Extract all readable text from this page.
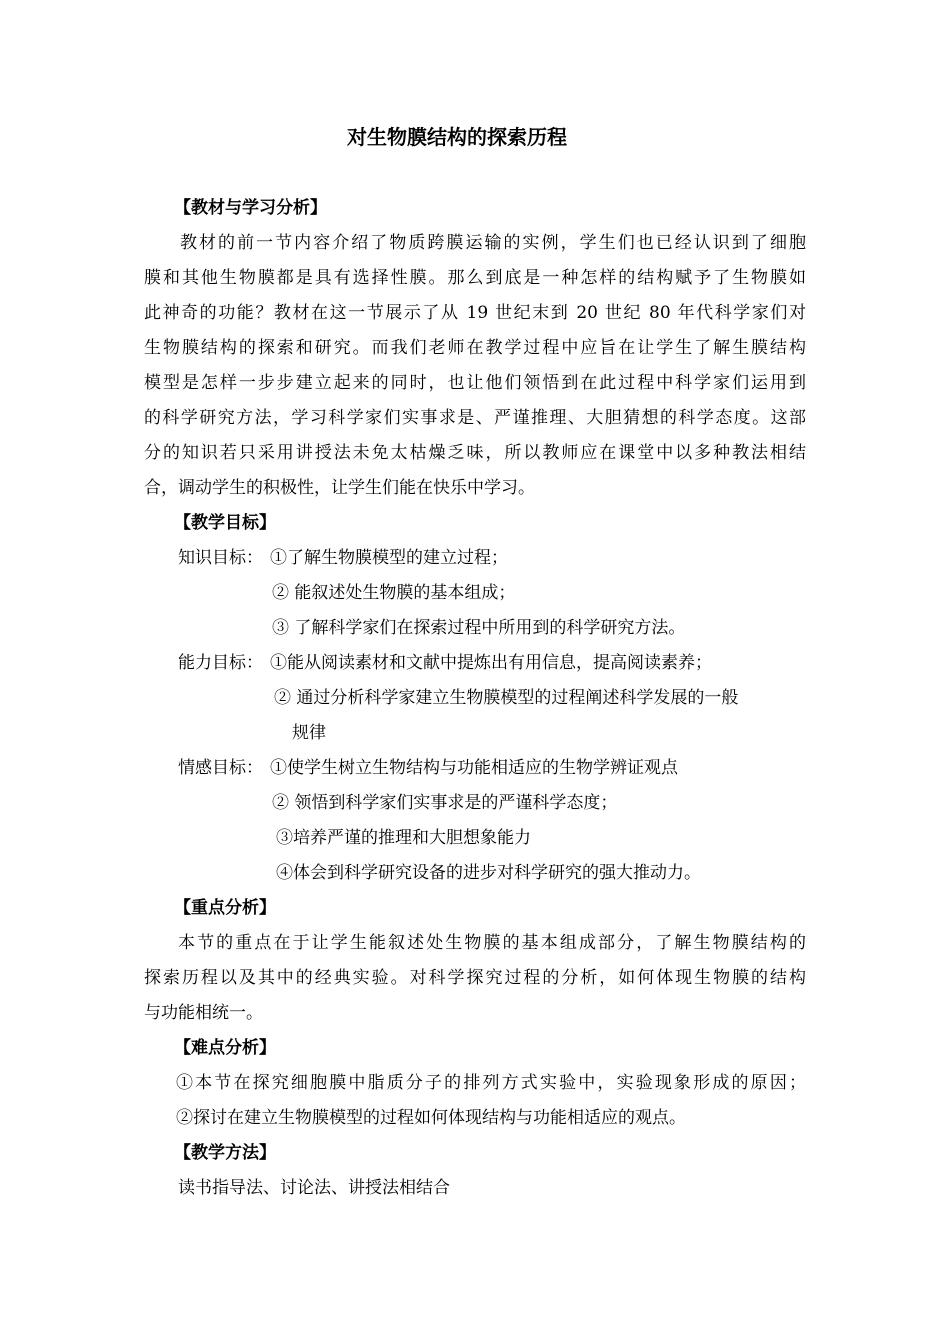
对生物膜结构的探索历程
【教材与学习分析】
教材的前一节内容介绍了物质跨膜运输的实例，学生们也已经认识到了细胞
膜和其他生物膜都是具有选择性膜。那么到底是一种怎样的结构赋予了生物膜如
此神奇的功能？教材在这一节展示了从 19 世纪末到 20 世纪 80 年代科学家们对
生物膜结构的探索和研究。而我们老师在教学过程中应旨在让学生了解生膜结构
模型是怎样一步步建立起来的同时，也让他们领悟到在此过程中科学家们运用到
的科学研究方法，学习科学家们实事求是、严谨推理、大胆猜想的科学态度。这部
分的知识若只采用讲授法未免太枯燥乏味，所以教师应在课堂中以多种教法相结
合，调动学生的积极性，让学生们能在快乐中学习。
【教学目标】
知识目标： ①了解生物膜模型的建立过程；
② 能叙述处生物膜的基本组成；
③ 了解科学家们在探索过程中所用到的科学研究方法。
能力目标： ①能从阅读素材和文献中提炼出有用信息，提高阅读素养；
② 通过分析科学家建立生物膜模型的过程阐述科学发展的一般
规律
情感目标： ①使学生树立生物结构与功能相适应的生物学辨证观点
② 领悟到科学家们实事求是的严谨科学态度；
③培养严谨的推理和大胆想象能力
④体会到科学研究设备的进步对科学研究的强大推动力。
【重点分析】
本节的重点在于让学生能叙述处生物膜的基本组成部分，了解生物膜结构的
探索历程以及其中的经典实验。对科学探究过程的分析，如何体现生物膜的结构
与功能相统一。
【难点分析】
①本节在探究细胞膜中脂质分子的排列方式实验中，实验现象形成的原因；
②探讨在建立生物膜模型的过程如何体现结构与功能相适应的观点。
【教学方法】
读书指导法、讨论法、讲授法相结合
